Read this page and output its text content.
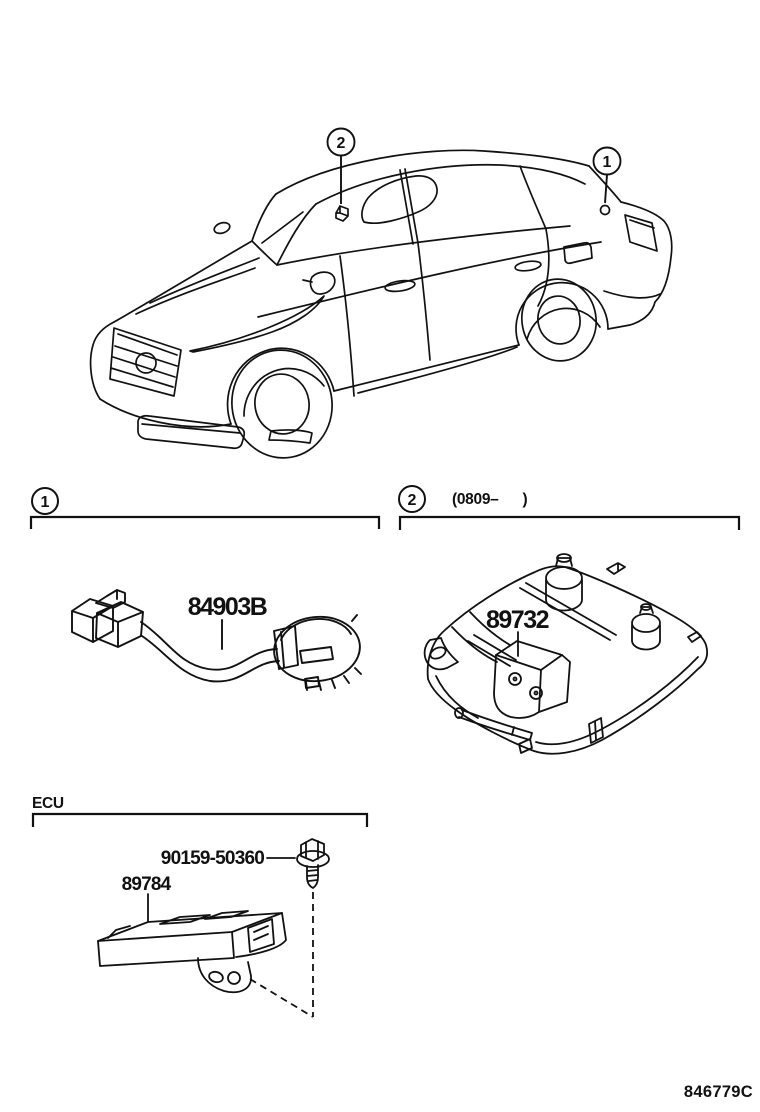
2
1
1	2 (0809–      )
84903B	89732
ECU
90159-50360
89784
846779C
